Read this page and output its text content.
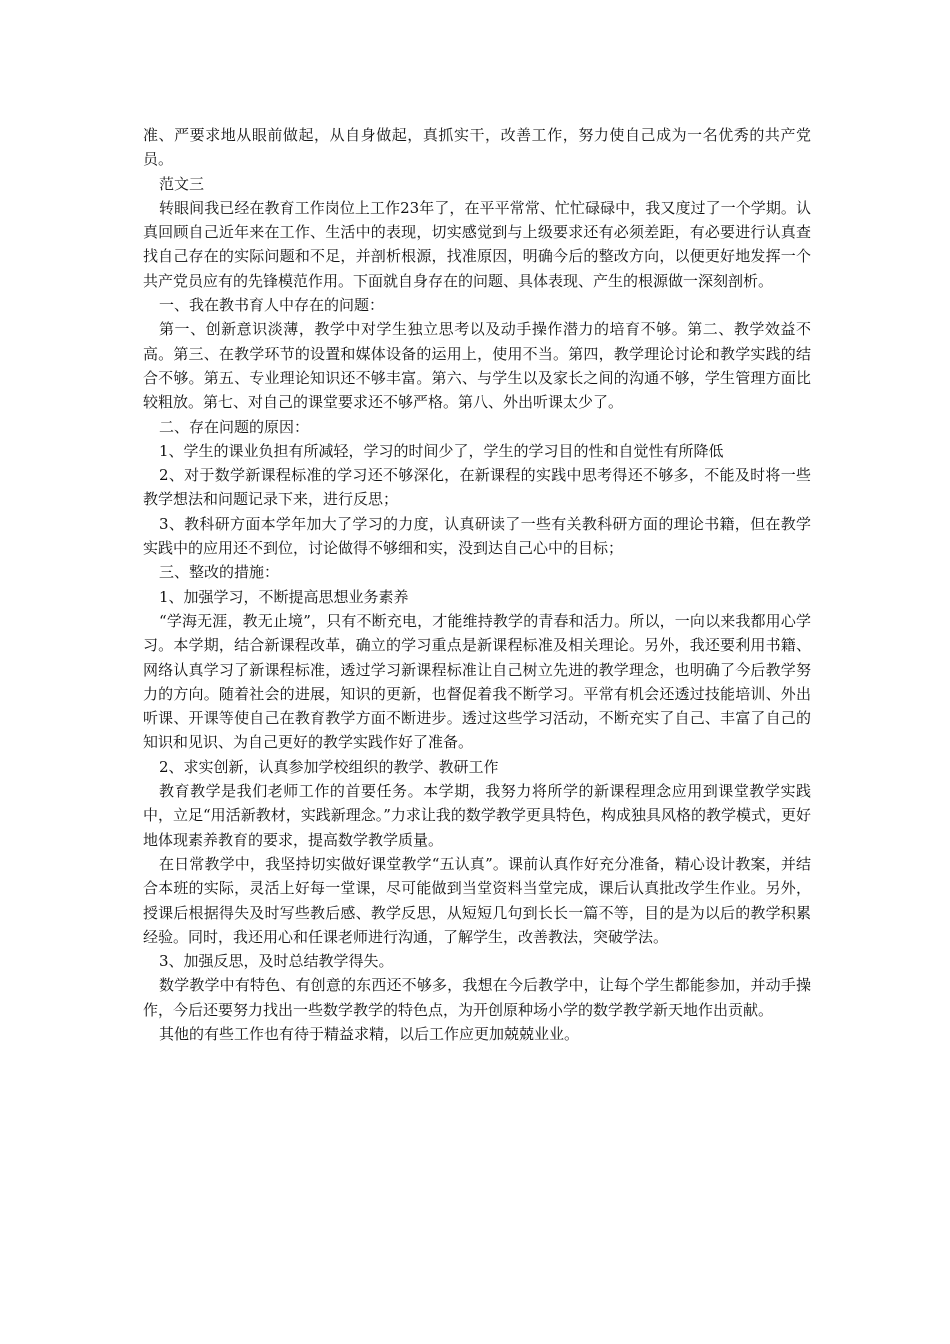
准、严要求地从眼前做起，从自身做起，真抓实干，改善工作，努力使自己成为一名优秀的共产党员。

范文三

转眼间我已经在教育工作岗位上工作23年了，在平平常常、忙忙碌碌中，我又度过了一个学期。认真回顾自己近年来在工作、生活中的表现，切实感觉到与上级要求还有必须差距，有必要进行认真查找自己存在的实际问题和不足，并剖析根源，找准原因，明确今后的整改方向，以便更好地发挥一个共产党员应有的先锋模范作用。下面就自身存在的问题、具体表现、产生的根源做一深刻剖析。

一、我在教书育人中存在的问题：

第一、创新意识淡薄，教学中对学生独立思考以及动手操作潜力的培育不够。第二、教学效益不高。第三、在教学环节的设置和媒体设备的运用上，使用不当。第四，教学理论讨论和教学实践的结合不够。第五、专业理论知识还不够丰富。第六、与学生以及家长之间的沟通不够，学生管理方面比较粗放。第七、对自己的课堂要求还不够严格。第八、外出听课太少了。

二、存在问题的原因：

1、学生的课业负担有所减轻，学习的时间少了，学生的学习目的性和自觉性有所降低

2、对于数学新课程标准的学习还不够深化，在新课程的实践中思考得还不够多，不能及时将一些教学想法和问题记录下来，进行反思；

3、教科研方面本学年加大了学习的力度，认真研读了一些有关教科研方面的理论书籍，但在教学实践中的应用还不到位，讨论做得不够细和实，没到达自己心中的目标；

三、整改的措施：

1、加强学习，不断提高思想业务素养

“学海无涯，教无止境”，只有不断充电，才能维持教学的青春和活力。所以，一向以来我都用心学习。本学期，结合新课程改革，确立的学习重点是新课程标准及相关理论。另外，我还要利用书籍、网络认真学习了新课程标准，透过学习新课程标准让自己树立先进的教学理念，也明确了今后教学努力的方向。随着社会的进展，知识的更新，也督促着我不断学习。平常有机会还透过技能培训、外出听课、开课等使自己在教育教学方面不断进步。透过这些学习活动，不断充实了自己、丰富了自己的知识和见识、为自己更好的教学实践作好了准备。

2、求实创新，认真参加学校组织的教学、教研工作

教育教学是我们老师工作的首要任务。本学期，我努力将所学的新课程理念应用到课堂教学实践中，立足“用活新教材，实践新理念。”力求让我的数学教学更具特色，构成独具风格的教学模式，更好地体现素养教育的要求，提高数学教学质量。

在日常教学中，我坚持切实做好课堂教学“五认真”。课前认真作好充分准备，精心设计教案，并结合本班的实际，灵活上好每一堂课，尽可能做到当堂资料当堂完成，课后认真批改学生作业。另外，授课后根据得失及时写些教后感、教学反思，从短短几句到长长一篇不等，目的是为以后的教学积累经验。同时，我还用心和任课老师进行沟通，了解学生，改善教法，突破学法。

3、加强反思，及时总结教学得失。

数学教学中有特色、有创意的东西还不够多，我想在今后教学中，让每个学生都能参加，并动手操作，今后还要努力找出一些数学教学的特色点，为开创原种场小学的数学教学新天地作出贡献。

其他的有些工作也有待于精益求精，以后工作应更加兢兢业业。
